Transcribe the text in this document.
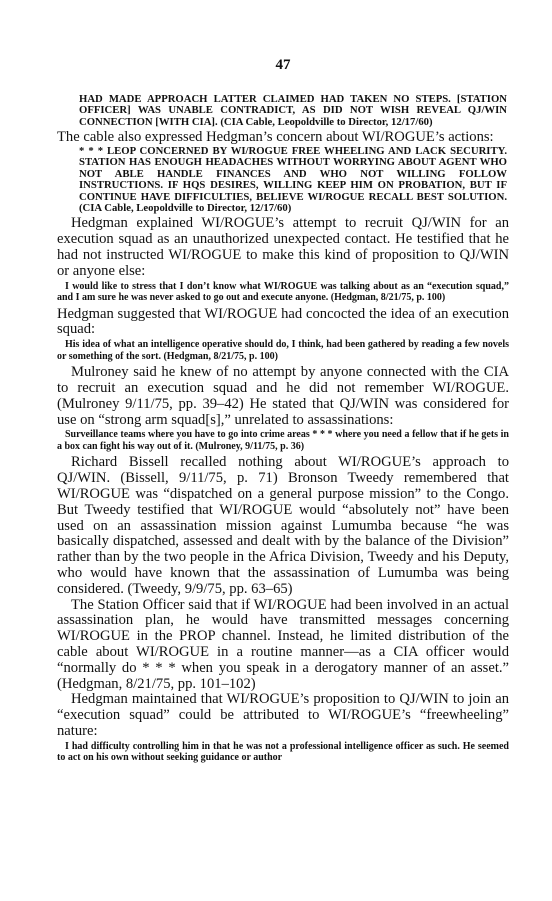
47

HAD MADE APPROACH LATTER CLAIMED HAD TAKEN NO STEPS. [STATION OFFICER] WAS UNABLE CONTRADICT, AS DID NOT WISH REVEAL QJ/WIN CONNECTION [WITH CIA]. (CIA Cable, Leopoldville to Director, 12/17/60)

The cable also expressed Hedgman’s concern about WI/ROGUE’s actions:

* * * LEOP CONCERNED BY WI/ROGUE FREE WHEELING AND LACK SECURITY. STATION HAS ENOUGH HEADACHES WITHOUT WORRYING ABOUT AGENT WHO NOT ABLE HANDLE FINANCES AND WHO NOT WILLING FOLLOW INSTRUCTIONS. IF HQS DESIRES, WILLING KEEP HIM ON PROBATION, BUT IF CONTINUE HAVE DIFFICULTIES, BELIEVE WI/ROGUE RECALL BEST SOLUTION. (CIA Cable, Leopoldville to Director, 12/17/60)

Hedgman explained WI/ROGUE’s attempt to recruit QJ/WIN for an execution squad as an unauthorized unexpected contact. He testified that he had not instructed WI/ROGUE to make this kind of proposition to QJ/WIN or anyone else:

I would like to stress that I don’t know what WI/ROGUE was talking about as an “execution squad,” and I am sure he was never asked to go out and execute anyone. (Hedgman, 8/21/75, p. 100)

Hedgman suggested that WI/ROGUE had concocted the idea of an execution squad:

His idea of what an intelligence operative should do, I think, had been gathered by reading a few novels or something of the sort. (Hedgman, 8/21/75, p. 100)

Mulroney said he knew of no attempt by anyone connected with the CIA to recruit an execution squad and he did not remember WI/ROGUE. (Mulroney 9/11/75, pp. 39–42) He stated that QJ/WIN was considered for use on “strong arm squad[s],” unrelated to assassinations:

Surveillance teams where you have to go into crime areas * * * where you need a fellow that if he gets in a box can fight his way out of it. (Mulroney, 9/11/75, p. 36)

Richard Bissell recalled nothing about WI/ROGUE’s approach to QJ/WIN. (Bissell, 9/11/75, p. 71) Bronson Tweedy remembered that WI/ROGUE was “dispatched on a general purpose mission” to the Congo. But Tweedy testified that WI/ROGUE would “absolutely not” have been used on an assassination mission against Lumumba because “he was basically dispatched, assessed and dealt with by the balance of the Division” rather than by the two people in the Africa Division, Tweedy and his Deputy, who would have known that the assassination of Lumumba was being considered. (Tweedy, 9/9/75, pp. 63–65)

The Station Officer said that if WI/ROGUE had been involved in an actual assassination plan, he would have transmitted messages concerning WI/ROGUE in the PROP channel. Instead, he limited distribution of the cable about WI/ROGUE in a routine manner—as a CIA officer would “normally do * * * when you speak in a derogatory manner of an asset.” (Hedgman, 8/21/75, pp. 101–102)

Hedgman maintained that WI/ROGUE’s proposition to QJ/WIN to join an “execution squad” could be attributed to WI/ROGUE’s “freewheeling” nature:

I had difficulty controlling him in that he was not a professional intelligence officer as such. He seemed to act on his own without seeking guidance or author
